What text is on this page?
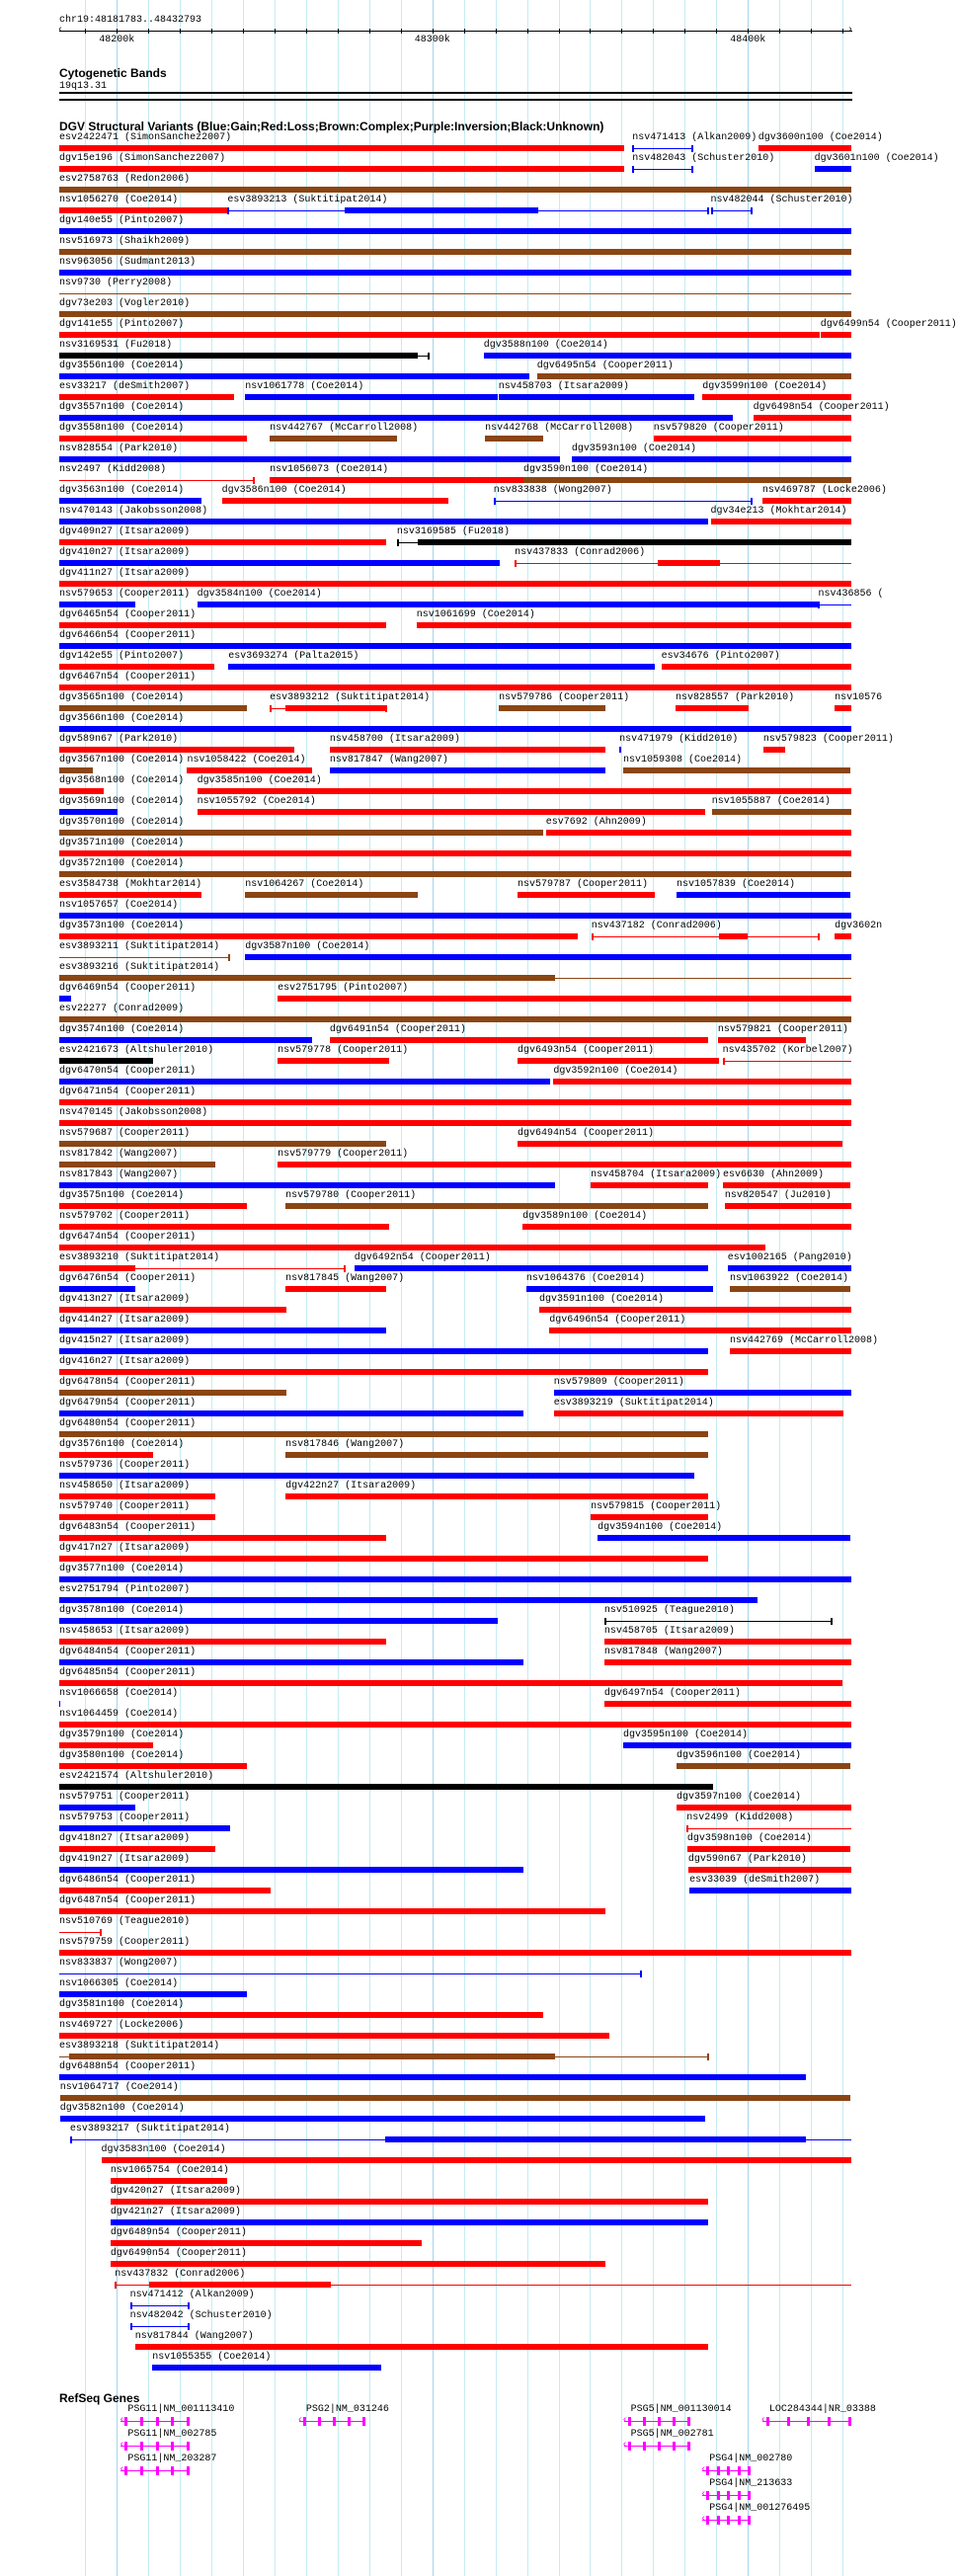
chr19:48181783..48432793
‹	›
48200k	48300k	48400k
Cytogenetic Bands
19q13.31
DGV Structural Variants (Blue:Gain;Red:Loss;Brown:Complex;Purple:Inversion;Black:Unknown)
esv2422471 (SimonSanchez2007)	nsv471413 (Alkan2009) dgv3600n100 (Coe2014)
dgv15e196 (SimonSanchez2007)	nsv482043 (Schuster2010)	dgv3601n100 (Coe2014)
esv2758763 (Redon2006)
nsv1056270 (Coe2014)	esv3893213 (Suktitipat2014)	nsv482044 (Schuster2010)
dgv140e55 (Pinto2007)
nsv516973 (Shaikh2009)
nsv963056 (Sudmant2013)
nsv9730 (Perry2008)
dgv73e203 (Vogler2010)
dgv141e55 (Pinto2007)	dgv6499n54 (Cooper2011)
nsv3169531 (Fu2018)	dgv3588n100 (Coe2014)
dgv3556n100 (Coe2014)	dgv6495n54 (Cooper2011)
esv33217 (deSmith2007)	nsv1061778 (Coe2014)	nsv458703 (Itsara2009)	dgv3599n100 (Coe2014)
dgv3557n100 (Coe2014)	dgv6498n54 (Cooper2011)
dgv3558n100 (Coe2014)	nsv442767 (McCarroll2008)	nsv442768 (McCarroll2008) nsv579820 (Cooper2011)
nsv828554 (Park2010)	dgv3593n100 (Coe2014)
nsv2497 (Kidd2008)	nsv1056073 (Coe2014)	dgv3590n100 (Coe2014)
dgv3563n100 (Coe2014)	dgv3586n100 (Coe2014)	nsv833838 (Wong2007)	nsv469787 (Locke2006)
nsv470143 (Jakobsson2008)	dgv34e213 (Mokhtar2014)
dgv409n27 (Itsara2009)	nsv3169585 (Fu2018)
dgv410n27 (Itsara2009)	nsv437833 (Conrad2006)
dgv411n27 (Itsara2009)
nsv579653 (Cooper2011) dgv3584n100 (Coe2014)	nsv436856 (
dgv6465n54 (Cooper2011)	nsv1061699 (Coe2014)
dgv6466n54 (Cooper2011)
dgv142e55 (Pinto2007)	esv3693274 (Palta2015)	esv34676 (Pinto2007)
dgv6467n54 (Cooper2011)
dgv3565n100 (Coe2014)	esv3893212 (Suktitipat2014)	nsv579786 (Cooper2011)	nsv828557 (Park2010)	nsv10576
dgv3566n100 (Coe2014)
dgv589n67 (Park2010)	nsv458700 (Itsara2009)	nsv471979 (Kidd2010)	nsv579823 (Cooper2011)
dgv3567n100 (Coe2014) nsv1058422 (Coe2014) nsv817847 (Wang2007)	nsv1059308 (Coe2014)
dgv3568n100 (Coe2014) dgv3585n100 (Coe2014)
dgv3569n100 (Coe2014) nsv1055792 (Coe2014)	nsv1055887 (Coe2014)
dgv3570n100 (Coe2014)	esv7692 (Ahn2009)
dgv3571n100 (Coe2014)
dgv3572n100 (Coe2014)
esv3584738 (Mokhtar2014)	nsv1064267 (Coe2014)	nsv579787 (Cooper2011)	nsv1057839 (Coe2014)
nsv1057657 (Coe2014)
dgv3573n100 (Coe2014)	nsv437182 (Conrad2006)	dgv3602n
esv3893211 (Suktitipat2014)	dgv3587n100 (Coe2014)
esv3893216 (Suktitipat2014)
dgv6469n54 (Cooper2011)	esv2751795 (Pinto2007)
esv22277 (Conrad2009)
dgv3574n100 (Coe2014)	dgv6491n54 (Cooper2011)	nsv579821 (Cooper2011)
esv2421673 (Altshuler2010)	nsv579778 (Cooper2011)	dgv6493n54 (Cooper2011)	nsv435702 (Korbel2007)
dgv6470n54 (Cooper2011)	dgv3592n100 (Coe2014)
dgv6471n54 (Cooper2011)
nsv470145 (Jakobsson2008)
nsv579687 (Cooper2011)	dgv6494n54 (Cooper2011)
nsv817842 (Wang2007)	nsv579779 (Cooper2011)
nsv817843 (Wang2007)	nsv458704 (Itsara2009) esv6630 (Ahn2009)
dgv3575n100 (Coe2014)	nsv579780 (Cooper2011)	nsv820547 (Ju2010)
nsv579702 (Cooper2011)	dgv3589n100 (Coe2014)
dgv6474n54 (Cooper2011)
esv3893210 (Suktitipat2014)	dgv6492n54 (Cooper2011)	esv1002165 (Pang2010)
dgv6476n54 (Cooper2011)	nsv817845 (Wang2007)	nsv1064376 (Coe2014)	nsv1063922 (Coe2014)
dgv413n27 (Itsara2009)	dgv3591n100 (Coe2014)
dgv414n27 (Itsara2009)	dgv6496n54 (Cooper2011)
dgv415n27 (Itsara2009)	nsv442769 (McCarroll2008)
dgv416n27 (Itsara2009)
dgv6478n54 (Cooper2011)	nsv579809 (Cooper2011)
dgv6479n54 (Cooper2011)	esv3893219 (Suktitipat2014)
dgv6480n54 (Cooper2011)
dgv3576n100 (Coe2014)	nsv817846 (Wang2007)
nsv579736 (Cooper2011)
nsv458650 (Itsara2009)	dgv422n27 (Itsara2009)
nsv579740 (Cooper2011)	nsv579815 (Cooper2011)
dgv6483n54 (Cooper2011)	dgv3594n100 (Coe2014)
dgv417n27 (Itsara2009)
dgv3577n100 (Coe2014)
esv2751794 (Pinto2007)
dgv3578n100 (Coe2014)	nsv510925 (Teague2010)
nsv458653 (Itsara2009)	nsv458705 (Itsara2009)
dgv6484n54 (Cooper2011)	nsv817848 (Wang2007)
dgv6485n54 (Cooper2011)
nsv1066658 (Coe2014)	dgv6497n54 (Cooper2011)
nsv1064459 (Coe2014)
dgv3579n100 (Coe2014)	dgv3595n100 (Coe2014)
dgv3580n100 (Coe2014)	dgv3596n100 (Coe2014)
esv2421574 (Altshuler2010)
nsv579751 (Cooper2011)	dgv3597n100 (Coe2014)
nsv579753 (Cooper2011)	nsv2499 (Kidd2008)
dgv418n27 (Itsara2009)	dgv3598n100 (Coe2014)
dgv419n27 (Itsara2009)	dgv590n67 (Park2010)
dgv6486n54 (Cooper2011)	esv33039 (deSmith2007)
dgv6487n54 (Cooper2011)
nsv510769 (Teague2010)
nsv579759 (Cooper2011)
nsv833837 (Wong2007)
nsv1066305 (Coe2014)
dgv3581n100 (Coe2014)
nsv469727 (Locke2006)
esv3893218 (Suktitipat2014)
dgv6488n54 (Cooper2011)
nsv1064717 (Coe2014)
dgv3582n100 (Coe2014)
esv3893217 (Suktitipat2014)
dgv3583n100 (Coe2014)
nsv1065754 (Coe2014)
dgv420n27 (Itsara2009)
dgv421n27 (Itsara2009)
dgv6489n54 (Cooper2011)
dgv6490n54 (Cooper2011)
nsv437832 (Conrad2006)
nsv471412 (Alkan2009)
nsv482042 (Schuster2010)
nsv817844 (Wang2007)
nsv1055355 (Coe2014)
RefSeq Genes
PSG11|NM_001113410
‹
PSG2|NM_031246
‹
PSG5|NM_001130014
‹
LOC284344|NR_03388
‹
PSG11|NM_002785
‹
PSG5|NM_002781
‹
PSG11|NM_203287
‹
PSG4|NM_002780
‹
PSG4|NM_213633
‹
PSG4|NM_001276495
‹
